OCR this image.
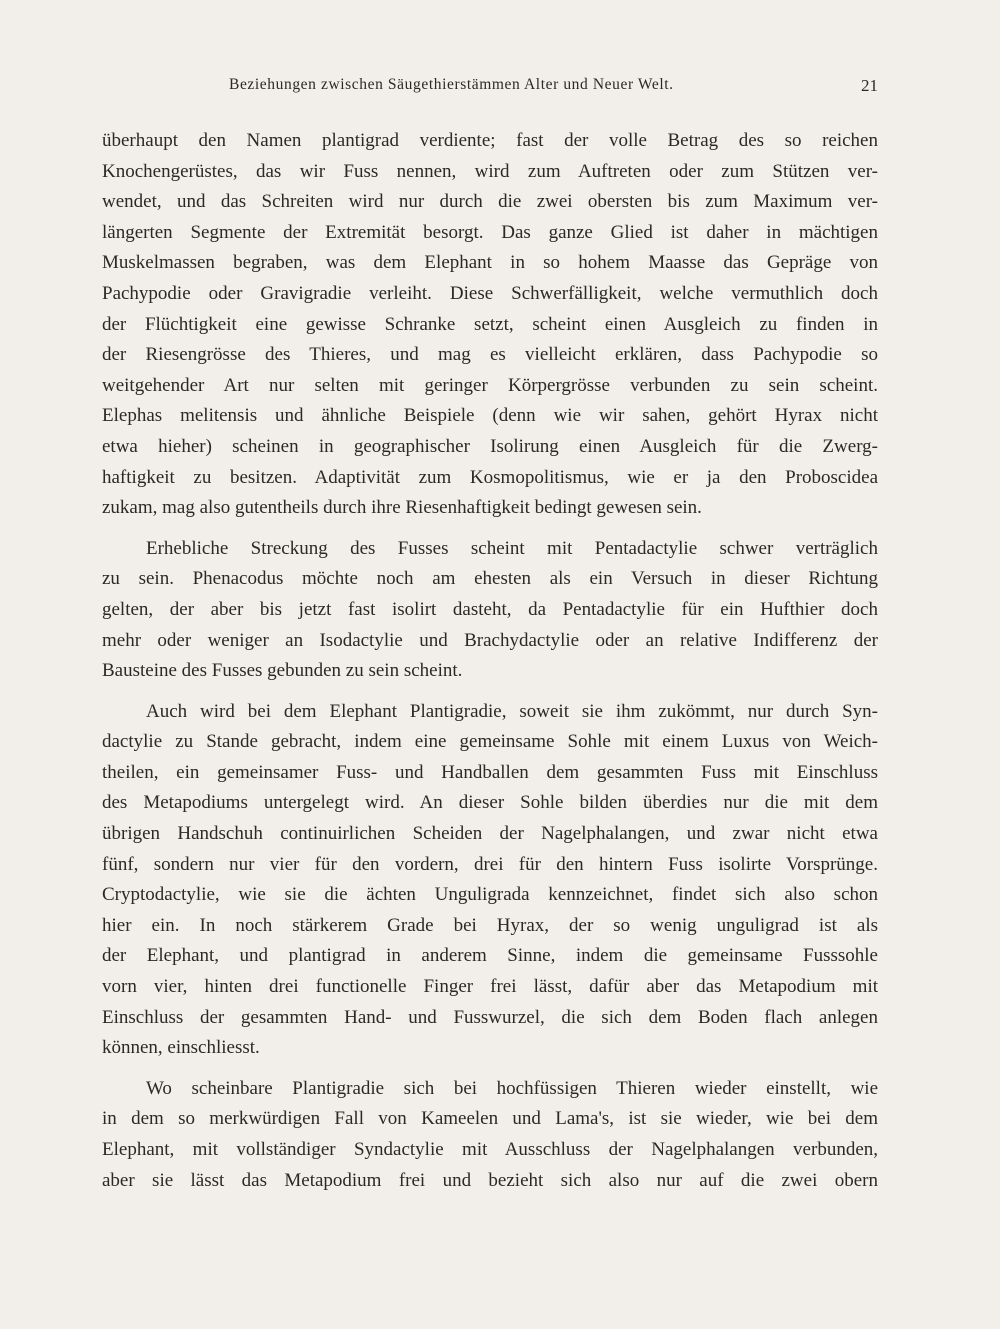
Beziehungen zwischen Säugethierstämmen Alter und Neuer Welt.	21
überhaupt den Namen plantigrad verdiente; fast der volle Betrag des so reichen
Knochengerüstes, das wir Fuss nennen, wird zum Auftreten oder zum Stützen ver-
wendet, und das Schreiten wird nur durch die zwei obersten bis zum Maximum ver-
längerten Segmente der Extremität besorgt. Das ganze Glied ist daher in mächtigen
Muskelmassen begraben, was dem Elephant in so hohem Maasse das Gepräge von
Pachypodie oder Gravigradie verleiht. Diese Schwerfälligkeit, welche vermuthlich doch
der Flüchtigkeit eine gewisse Schranke setzt, scheint einen Ausgleich zu finden in
der Riesengrösse des Thieres, und mag es vielleicht erklären, dass Pachypodie so
weitgehender Art nur selten mit geringer Körpergrösse verbunden zu sein scheint.
Elephas melitensis und ähnliche Beispiele (denn wie wir sahen, gehört Hyrax nicht
etwa hieher) scheinen in geographischer Isolirung einen Ausgleich für die Zwerg-
haftigkeit zu besitzen. Adaptivität zum Kosmopolitismus, wie er ja den Proboscidea
zukam, mag also gutentheils durch ihre Riesenhaftigkeit bedingt gewesen sein.
Erhebliche Streckung des Fusses scheint mit Pentadactylie schwer verträglich
zu sein. Phenacodus möchte noch am ehesten als ein Versuch in dieser Richtung
gelten, der aber bis jetzt fast isolirt dasteht, da Pentadactylie für ein Hufthier doch
mehr oder weniger an Isodactylie und Brachydactylie oder an relative Indifferenz der
Bausteine des Fusses gebunden zu sein scheint.
Auch wird bei dem Elephant Plantigradie, soweit sie ihm zukömmt, nur durch Syn-
dactylie zu Stande gebracht, indem eine gemeinsame Sohle mit einem Luxus von Weich-
theilen, ein gemeinsamer Fuss- und Handballen dem gesammten Fuss mit Einschluss
des Metapodiums untergelegt wird. An dieser Sohle bilden überdies nur die mit dem
übrigen Handschuh continuirlichen Scheiden der Nagelphalangen, und zwar nicht etwa
fünf, sondern nur vier für den vordern, drei für den hintern Fuss isolirte Vorsprünge.
Cryptodactylie, wie sie die ächten Unguligrada kennzeichnet, findet sich also schon
hier ein. In noch stärkerem Grade bei Hyrax, der so wenig unguligrad ist als
der Elephant, und plantigrad in anderem Sinne, indem die gemeinsame Fusssohle
vorn vier, hinten drei functionelle Finger frei lässt, dafür aber das Metapodium mit
Einschluss der gesammten Hand- und Fusswurzel, die sich dem Boden flach anlegen
können, einschliesst.
Wo scheinbare Plantigradie sich bei hochfüssigen Thieren wieder einstellt, wie
in dem so merkwürdigen Fall von Kameelen und Lama's, ist sie wieder, wie bei dem
Elephant, mit vollständiger Syndactylie mit Ausschluss der Nagelphalangen verbunden,
aber sie lässt das Metapodium frei und bezieht sich also nur auf die zwei obern
